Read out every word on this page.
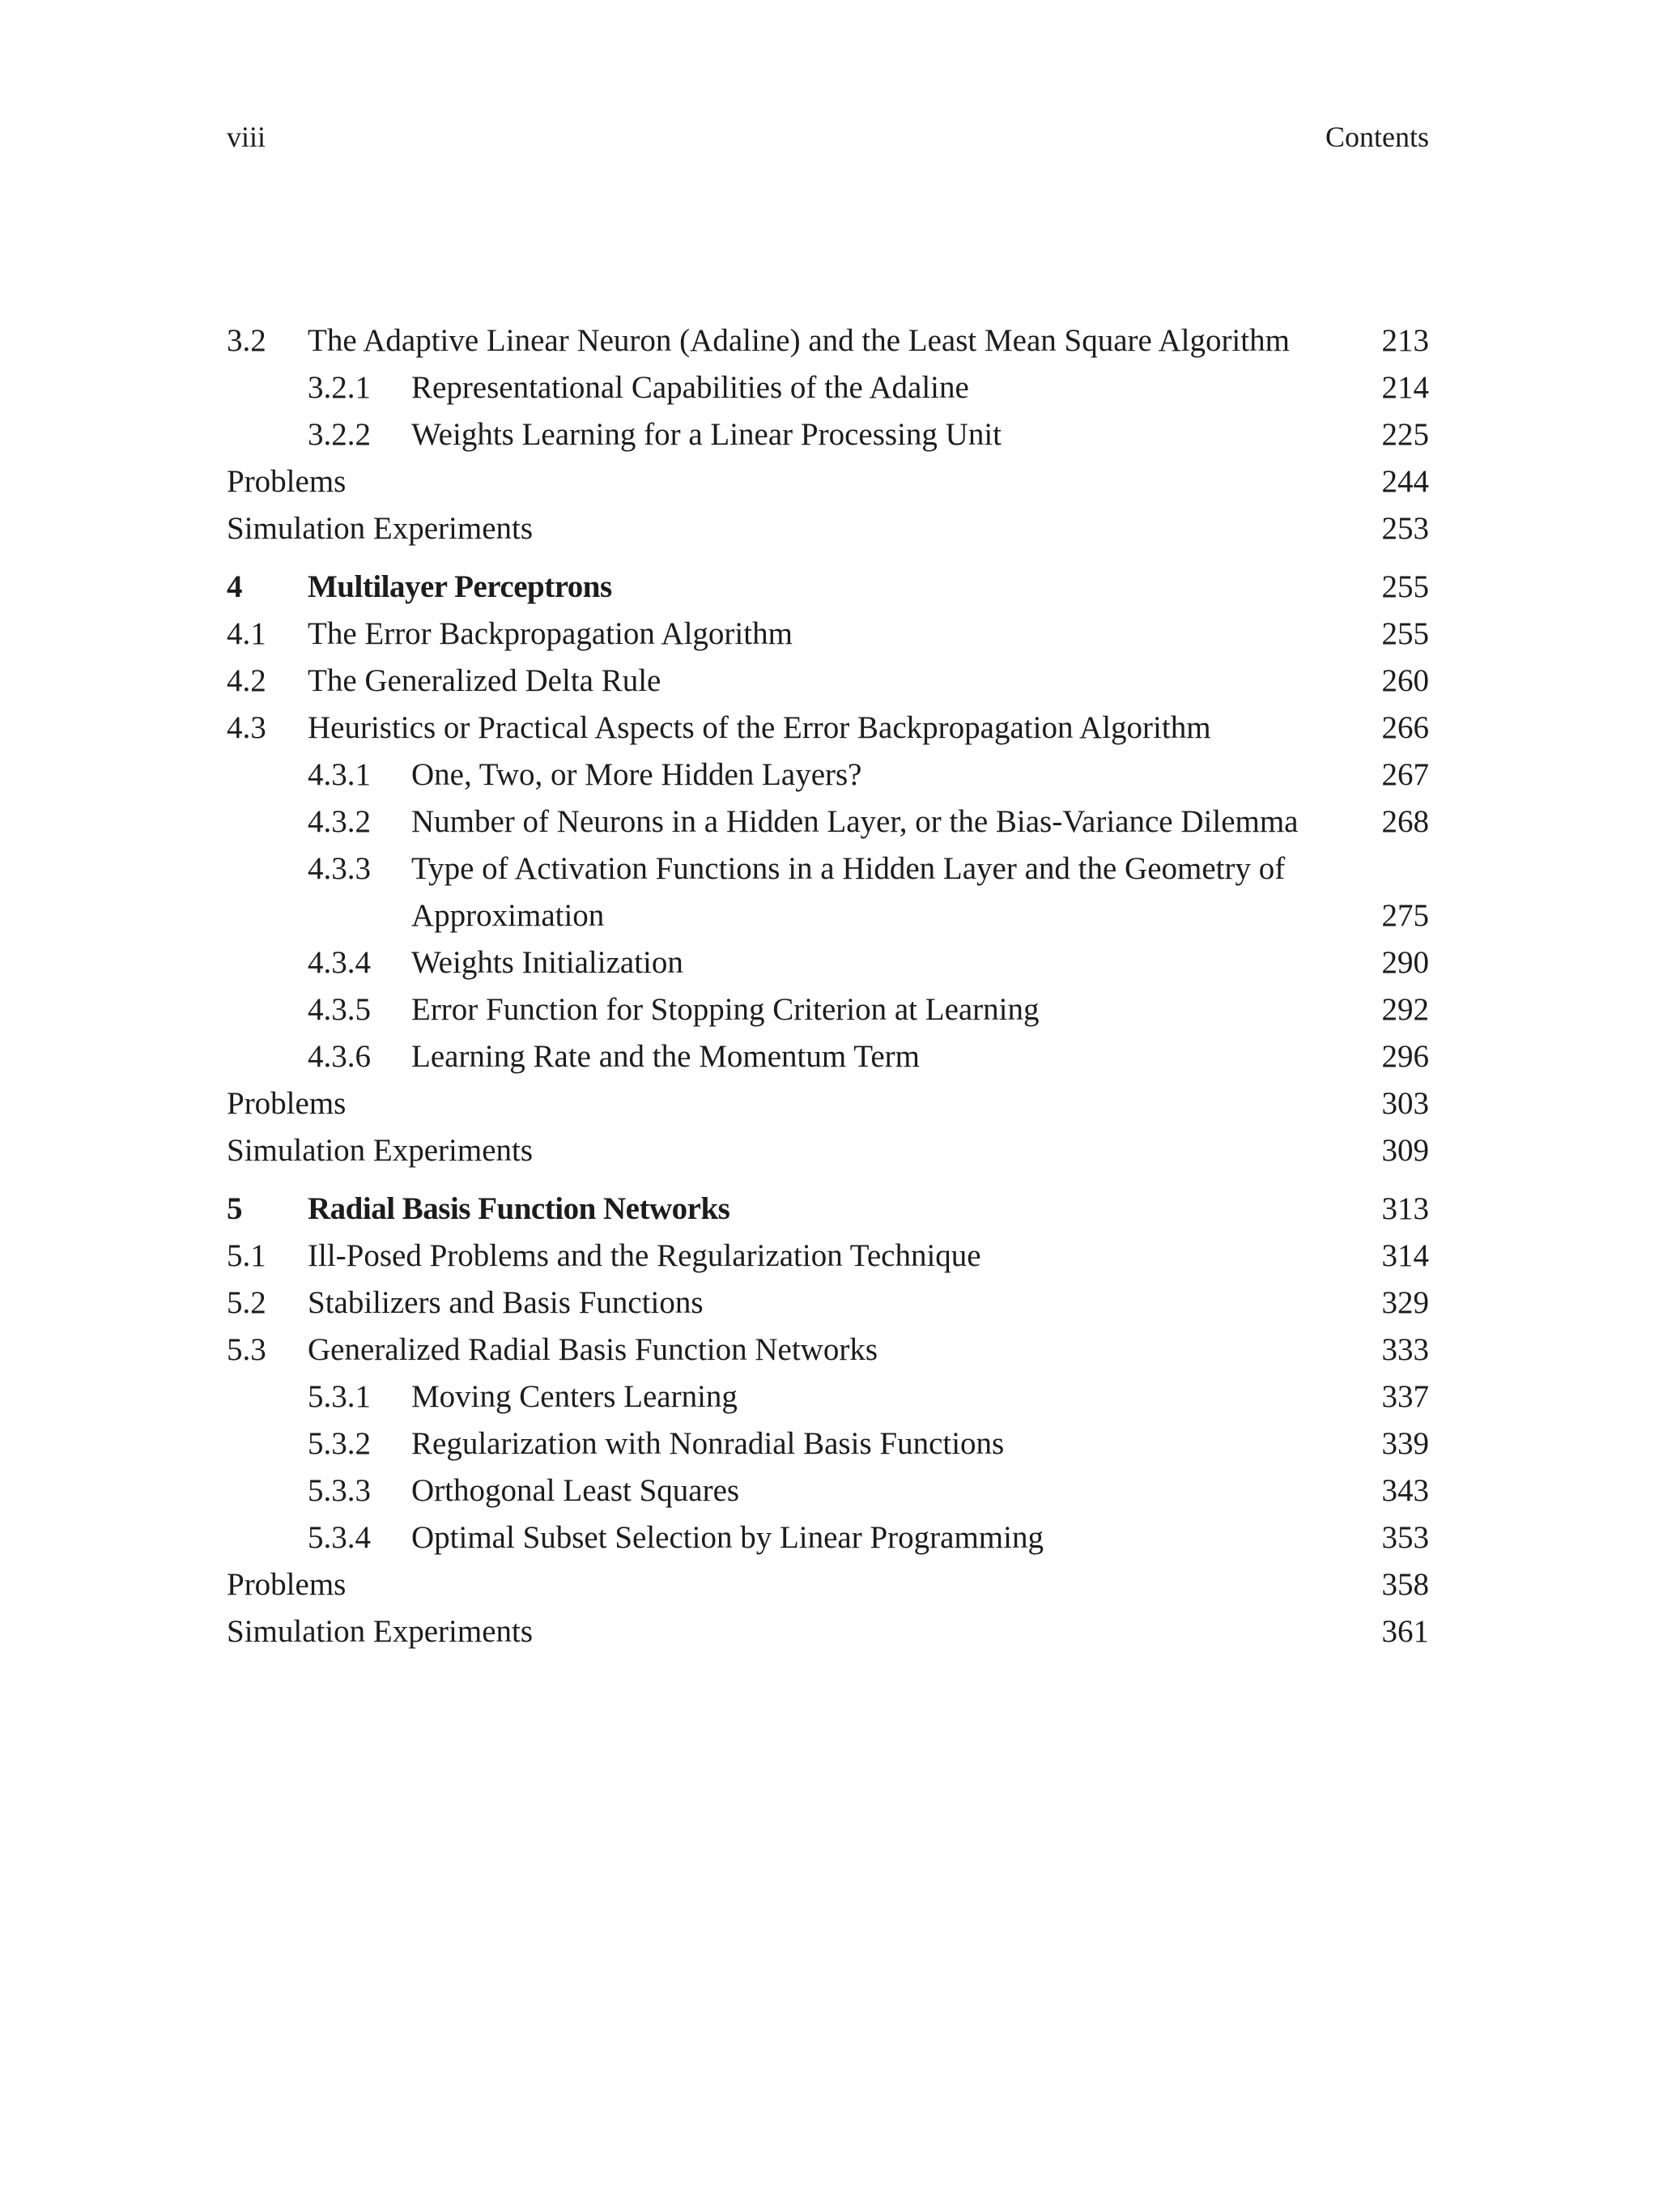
viii	Contents
3.2	The Adaptive Linear Neuron (Adaline) and the Least Mean Square Algorithm	213
3.2.1	Representational Capabilities of the Adaline	214
3.2.2	Weights Learning for a Linear Processing Unit	225
Problems	244
Simulation Experiments	253
4	Multilayer Perceptrons	255
4.1	The Error Backpropagation Algorithm	255
4.2	The Generalized Delta Rule	260
4.3	Heuristics or Practical Aspects of the Error Backpropagation Algorithm	266
4.3.1	One, Two, or More Hidden Layers?	267
4.3.2	Number of Neurons in a Hidden Layer, or the Bias-Variance Dilemma	268
4.3.3	Type of Activation Functions in a Hidden Layer and the Geometry of Approximation	275
4.3.4	Weights Initialization	290
4.3.5	Error Function for Stopping Criterion at Learning	292
4.3.6	Learning Rate and the Momentum Term	296
Problems	303
Simulation Experiments	309
5	Radial Basis Function Networks	313
5.1	Ill-Posed Problems and the Regularization Technique	314
5.2	Stabilizers and Basis Functions	329
5.3	Generalized Radial Basis Function Networks	333
5.3.1	Moving Centers Learning	337
5.3.2	Regularization with Nonradial Basis Functions	339
5.3.3	Orthogonal Least Squares	343
5.3.4	Optimal Subset Selection by Linear Programming	353
Problems	358
Simulation Experiments	361
